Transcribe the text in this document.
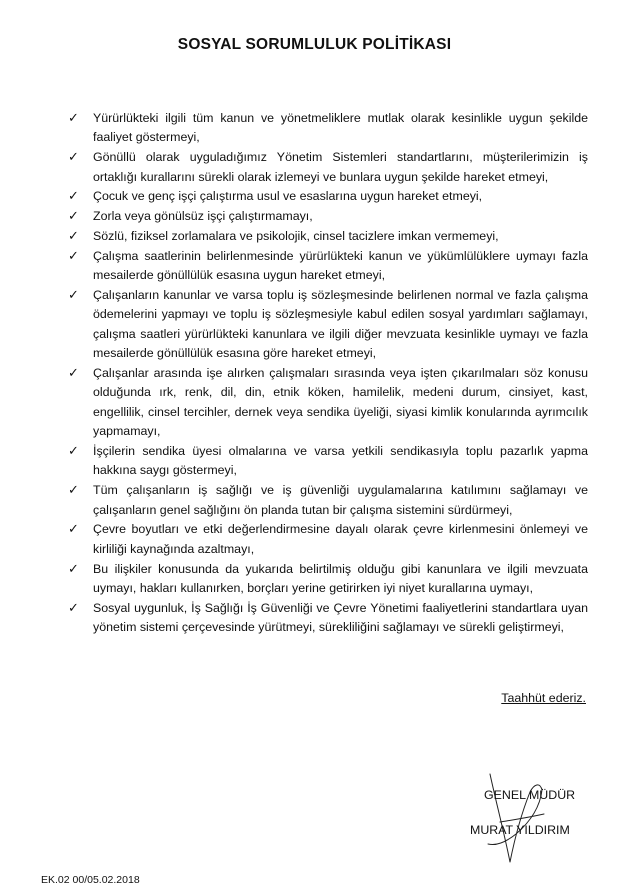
SOSYAL SORUMLULUK POLİTİKASI
✓ Yürürlükteki ilgili tüm kanun ve yönetmeliklere mutlak olarak kesinlikle uygun şekilde faaliyet göstermeyi,
✓ Gönüllü olarak uyguladığımız Yönetim Sistemleri standartlarını, müşterilerimizin iş ortaklığı kurallarını sürekli olarak izlemeyi ve bunlara uygun şekilde hareket etmeyi,
✓ Çocuk ve genç işçi çalıştırma usul ve esaslarına uygun hareket etmeyi,
✓ Zorla veya gönülsüz işçi çalıştırmamayı,
✓ Sözlü, fiziksel zorlamalara ve psikolojik, cinsel tacizlere imkan vermemeyi,
✓ Çalışma saatlerinin belirlenmesinde yürürlükteki kanun ve yükümlülüklere uymayı fazla mesailerde gönüllülük esasına uygun hareket etmeyi,
✓ Çalışanların kanunlar ve varsa toplu iş sözleşmesinde belirlenen normal ve fazla çalışma ödemelerini yapmayı ve toplu iş sözleşmesiyle kabul edilen sosyal yardımları sağlamayı, çalışma saatleri yürürlükteki kanunlara ve ilgili diğer mevzuata kesinlikle uymayı ve fazla mesailerde gönüllülük esasına göre hareket etmeyi,
✓ Çalışanlar arasında işe alırken çalışmaları sırasında veya işten çıkarılmaları söz konusu olduğunda ırk, renk, dil, din, etnik köken, hamilelik, medeni durum, cinsiyet, kast, engellilik, cinsel tercihler, dernek veya sendika üyeliği, siyasi kimlik konularında ayrımcılık yapmamayı,
✓ İşçilerin sendika üyesi olmalarına ve varsa yetkili sendikasıyla toplu pazarlık yapma hakkına saygı göstermeyi,
✓ Tüm çalışanların iş sağlığı ve iş güvenliği uygulamalarına katılımını sağlamayı ve çalışanların genel sağlığını ön planda tutan bir çalışma sistemini sürdürmeyi,
✓ Çevre boyutları ve etki değerlendirmesine dayalı olarak çevre kirlenmesini önlemeyi ve kirliliği kaynağında azaltmayı,
✓ Bu ilişkiler konusunda da yukarıda belirtilmiş olduğu gibi kanunlara ve ilgili mevzuata uymayı, hakları kullanırken, borçları yerine getirirken iyi niyet kurallarına uymayı,
✓ Sosyal uygunluk, İş Sağlığı İş Güvenliği ve Çevre Yönetimi faaliyetlerini standartlara uyan yönetim sistemi çerçevesinde yürütmeyi, sürekliliğini sağlamayı ve sürekli geliştirmeyi,
Taahhüt ederiz.
GENEL MÜDÜR
MURAT YILDIRIM
EK.02 00/05.02.2018
